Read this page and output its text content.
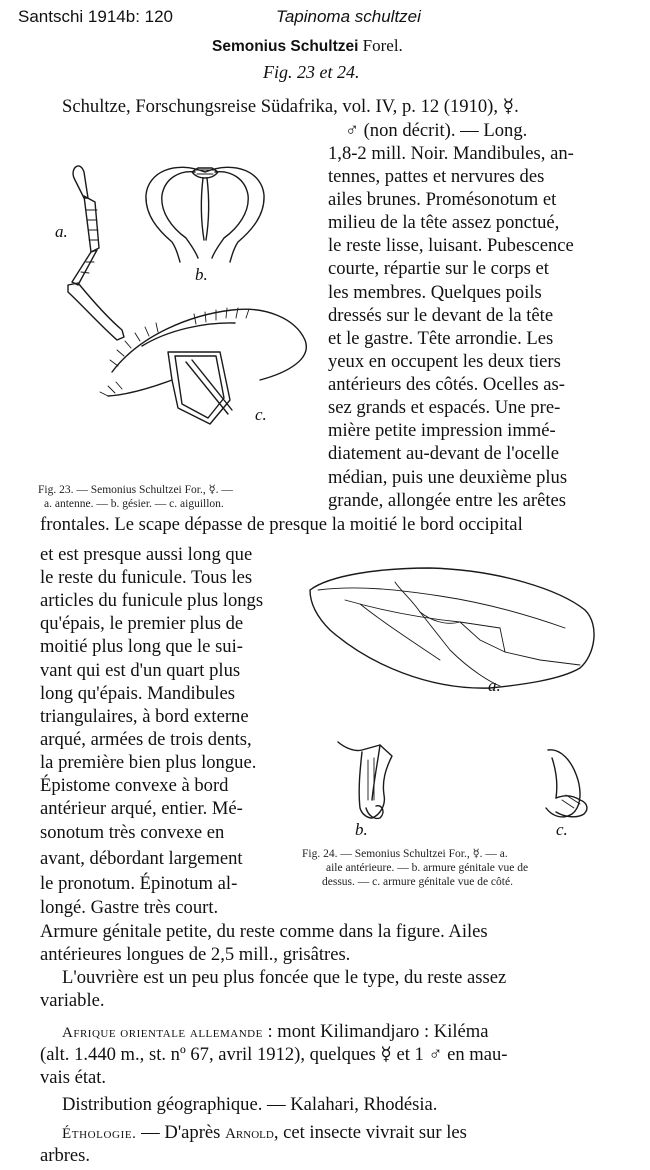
Santschi 1914b: 120	Tapinoma schultzei
Semonius Schultzei Forel.
Fig. 23 et 24.
Schultze, Forschungsreise Südafrika, vol. IV, p. 12 (1910), ☿.
♂ (non décrit). — Long.
1,8-2 mill. Noir. Mandibules, an-
tennes, pattes et nervures des
ailes brunes. Promésonotum et
milieu de la tête assez ponctué,
le reste lisse, luisant. Pubescence
courte, répartie sur le corps et
les membres. Quelques poils
dressés sur le devant de la tête
et le gastre. Tête arrondie. Les
yeux en occupent les deux tiers
antérieurs des côtés. Ocelles as-
sez grands et espacés. Une pre-
mière petite impression immé-
diatement au-devant de l'ocelle
médian, puis une deuxième plus
grande, allongée entre les arêtes
frontales. Le scape dépasse de presque la moitié le bord occipital
et est presque aussi long que
le reste du funicule. Tous les
articles du funicule plus longs
qu'épais, le premier plus de
moitié plus long que le sui-
vant qui est d'un quart plus
long qu'épais. Mandibules
triangulaires, à bord externe
arqué, armées de trois dents,
la première bien plus longue.
Épistome convexe à bord
antérieur arqué, entier. Mé-
sonotum très convexe en
avant, débordant largement
le pronotum. Épinotum al-
longé. Gastre très court.
Armure génitale petite, du reste comme dans la figure. Ailes
antérieures longues de 2,5 mill., grisâtres.
L'ouvrière est un peu plus foncée que le type, du reste assez
variable.
Afrique orientale allemande : mont Kilimandjaro : Kiléma
(alt. 1.440 m., st. nº 67, avril 1912), quelques ☿ et 1 ♂ en mau-
vais état.
Distribution géographique. — Kalahari, Rhodésia.
Éthologie. — D'après Arnold, cet insecte vivrait sur les
arbres.
a.
b.
c.
Fig. 23. — Semonius Schultzei For., ☿. —
a. antenne. — b. gésier. — c. aiguillon.
a.
b.	c.
Fig. 24. — Semonius Schultzei For., ☿. — a.
aile antérieure. — b. armure génitale vue de
dessus. — c. armure génitale vue de côté.
